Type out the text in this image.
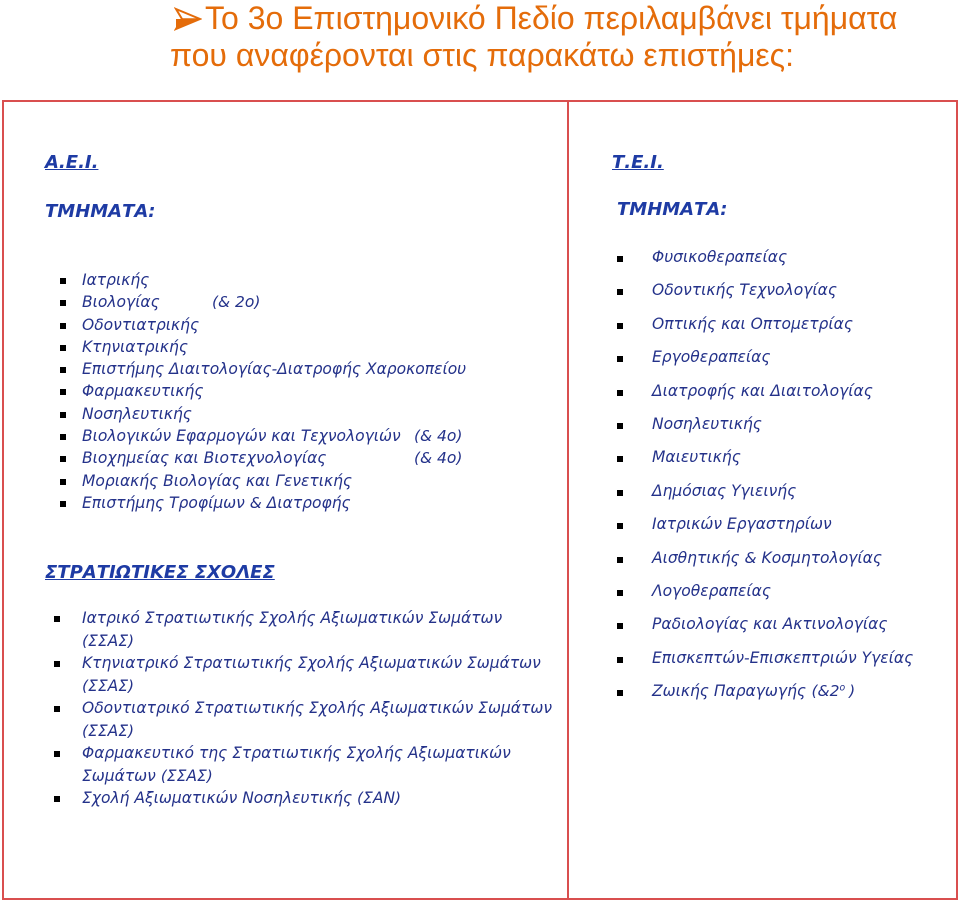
Το 3ο Επιστημονικό Πεδίο περιλαμβάνει τμήματα
που αναφέρονται στις παρακάτω επιστήμες:
Α.Ε.Ι.
ΤΜΗΜΑΤΑ:
Ιατρικής
Βιολογίας	(& 2ο)
Οδοντιατρικής
Κτηνιατρικής
Επιστήμης Διαιτολογίας-Διατροφής Χαροκοπείου
Φαρμακευτικής
Νοσηλευτικής
Βιολογικών Εφαρμογών και Τεχνολογιών (& 4ο)
Βιοχημείας και Βιοτεχνολογίας	(& 4ο)
Μοριακής Βιολογίας και Γενετικής
Επιστήμης Τροφίμων & Διατροφής
ΣΤΡΑΤΙΩΤΙΚΕΣ ΣΧΟΛΕΣ
Ιατρικό Στρατιωτικής Σχολής Αξιωματικών Σωμάτων (ΣΣΑΣ)
Κτηνιατρικό Στρατιωτικής Σχολής Αξιωματικών Σωμάτων (ΣΣΑΣ)
Οδοντιατρικό Στρατιωτικής Σχολής Αξιωματικών Σωμάτων (ΣΣΑΣ)
Φαρμακευτικό της Στρατιωτικής Σχολής Αξιωματικών Σωμάτων (ΣΣΑΣ)
Σχολή Αξιωματικών Νοσηλευτικής (ΣΑΝ)
Τ.Ε.Ι.
ΤΜΗΜΑΤΑ:
Φυσικοθεραπείας
Οδοντικής Τεχνολογίας
Οπτικής και Οπτομετρίας
Εργοθεραπείας
Διατροφής και Διαιτολογίας
Νοσηλευτικής
Μαιευτικής
Δημόσιας Υγιεινής
Ιατρικών Εργαστηρίων
Αισθητικής & Κοσμητολογίας
Λογοθεραπείας
Ραδιολογίας και Ακτινολογίας
Επισκεπτών-Επισκεπτριών Υγείας
Ζωικής Παραγωγής ($\&2^o$ )
